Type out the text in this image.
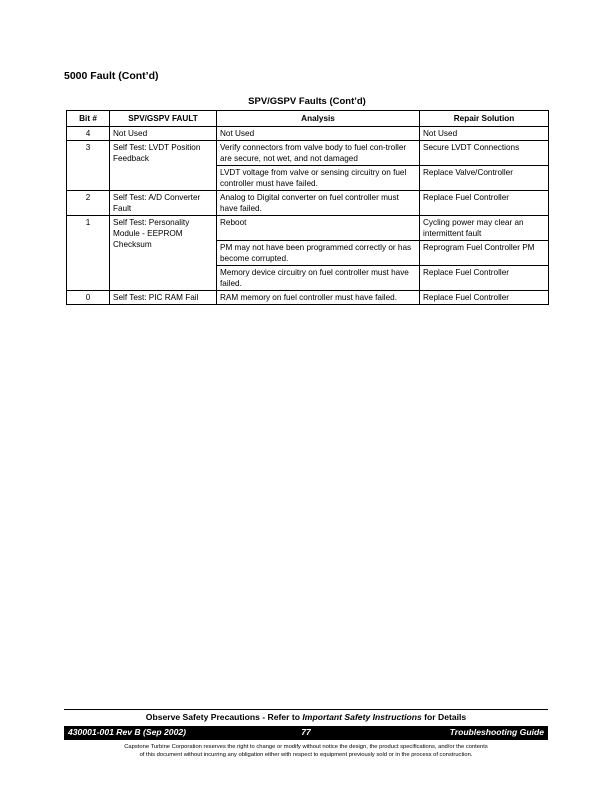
5000 Fault (Cont’d)
SPV/GSPV Faults (Cont’d)
Bit #	SPV/GSPV FAULT	Analysis	Repair Solution
4	Not Used	Not Used	Not Used
3	Self Test: LVDT Position Feedback	Verify connectors from valve body to fuel con-troller are secure, not wet, and not damaged	Secure LVDT Connections
		LVDT voltage from valve or sensing circuitry on fuel controller must have failed.	Replace Valve/Controller
2	Self Test: A/D Converter Fault	Analog to Digital converter on fuel controller must have failed.	Replace Fuel Controller
1	Self Test: Personality Module - EEPROM Checksum	Reboot	Cycling power may clear an intermittent fault
		PM may not have been programmed correctly or has become corrupted.	Reprogram Fuel Controller PM
		Memory device circuitry on fuel controller must have failed.	Replace Fuel Controller
0	Self Test: PIC RAM Fail	RAM memory on fuel controller must have failed.	Replace Fuel Controller
Observe Safety Precautions - Refer to Important Safety Instructions for Details
430001-001 Rev B (Sep 2002)	77	Troubleshooting Guide
Capstone Turbine Corporation reserves the right to change or modify without notice the design, the product specifications, and/or the contents
of this document without incurring any obligation either with respect to equipment previously sold or in the process of construction.
